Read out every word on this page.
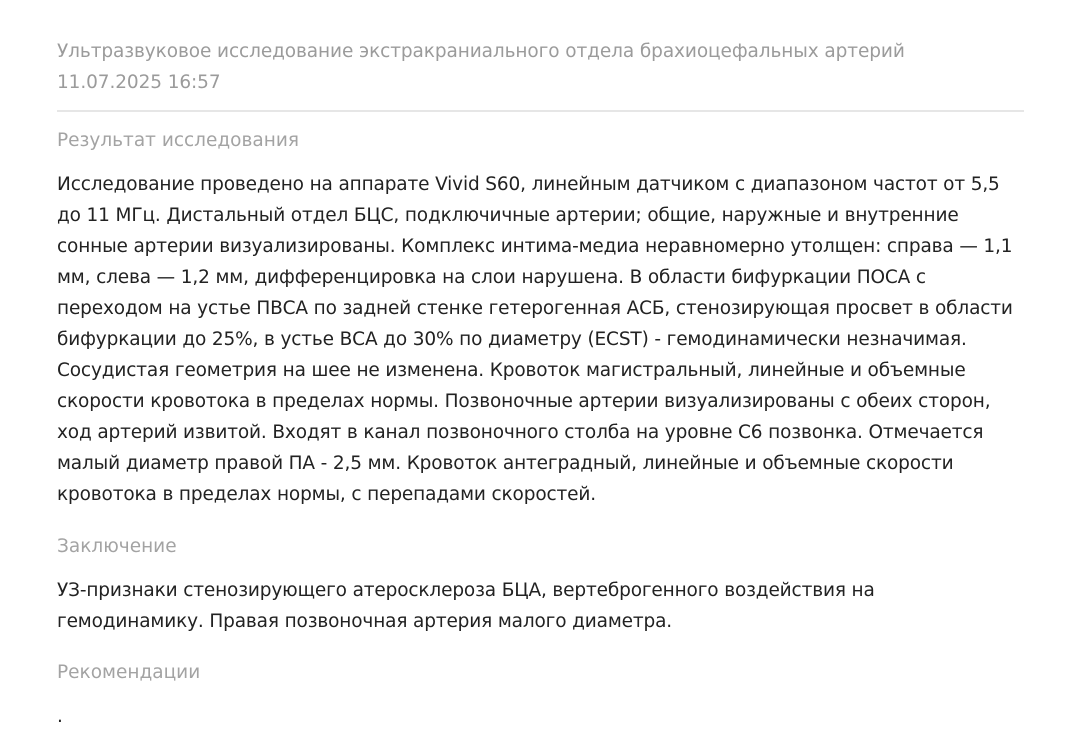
Ультразвуковое исследование экстракраниального отдела брахиоцефальных артерий
11.07.2025 16:57
Результат исследования
Исследование проведено на аппарате Vivid S60, линейным датчиком с диапазоном частот от 5,5 до 11 МГц. Дистальный отдел БЦС, подключичные артерии; общие, наружные и внутренние сонные артерии визуализированы. Комплекс интима-медиа неравномерно утолщен: справа — 1,1 мм, слева — 1,2 мм, дифференцировка на слои нарушена. В области бифуркации ПОСА с переходом на устье ПВСА по задней стенке гетерогенная АСБ, стенозирующая просвет в области бифуркации до 25%, в устье ВСА до 30% по диаметру (ECST) - гемодинамически незначимая. Сосудистая геометрия на шее не изменена. Кровоток магистральный, линейные и объемные скорости кровотока в пределах нормы. Позвоночные артерии визуализированы с обеих сторон, ход артерий извитой. Входят в канал позвоночного столба на уровне С6 позвонка. Отмечается малый диаметр правой ПА - 2,5 мм. Кровоток антеградный, линейные и объемные скорости кровотока в пределах нормы, с перепадами скоростей.
Заключение
УЗ-признаки стенозирующего атеросклероза БЦА, вертеброгенного воздействия на гемодинамику. Правая позвоночная артерия малого диаметра.
Рекомендации
.
